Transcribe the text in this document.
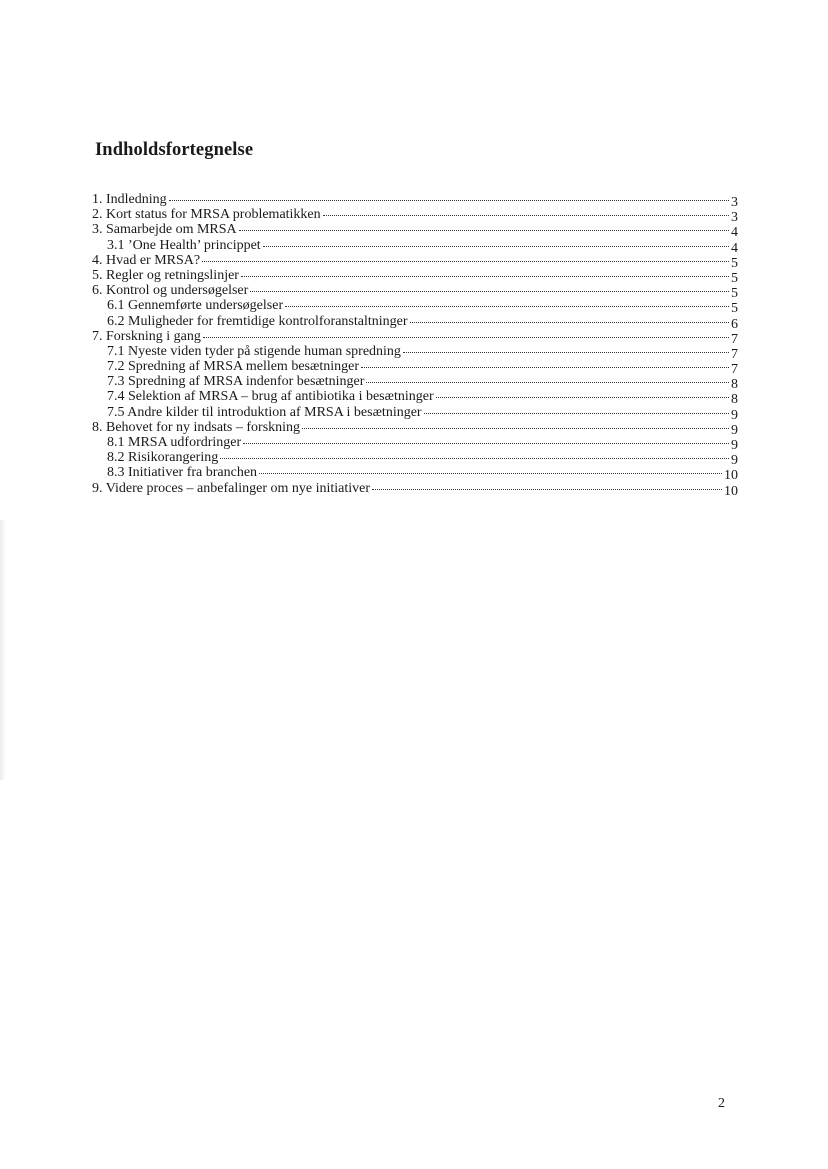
Indholdsfortegnelse
1. Indledning	3
2. Kort status for MRSA problematikken	3
3. Samarbejde om MRSA	4
3.1 ’One Health’ princippet	4
4. Hvad er MRSA?	5
5. Regler og retningslinjer	5
6. Kontrol og undersøgelser	5
6.1 Gennemførte undersøgelser	5
6.2 Muligheder for fremtidige kontrolforanstaltninger	6
7. Forskning i gang	7
7.1 Nyeste viden tyder på stigende human spredning	7
7.2 Spredning af MRSA mellem besætninger	7
7.3 Spredning af MRSA indenfor besætninger	8
7.4 Selektion af MRSA – brug af antibiotika i besætninger	8
7.5 Andre kilder til introduktion af MRSA i besætninger	9
8. Behovet for ny indsats – forskning	9
8.1 MRSA udfordringer	9
8.2 Risikorangering	9
8.3 Initiativer fra branchen	10
9. Videre proces – anbefalinger om nye initiativer	10
2
